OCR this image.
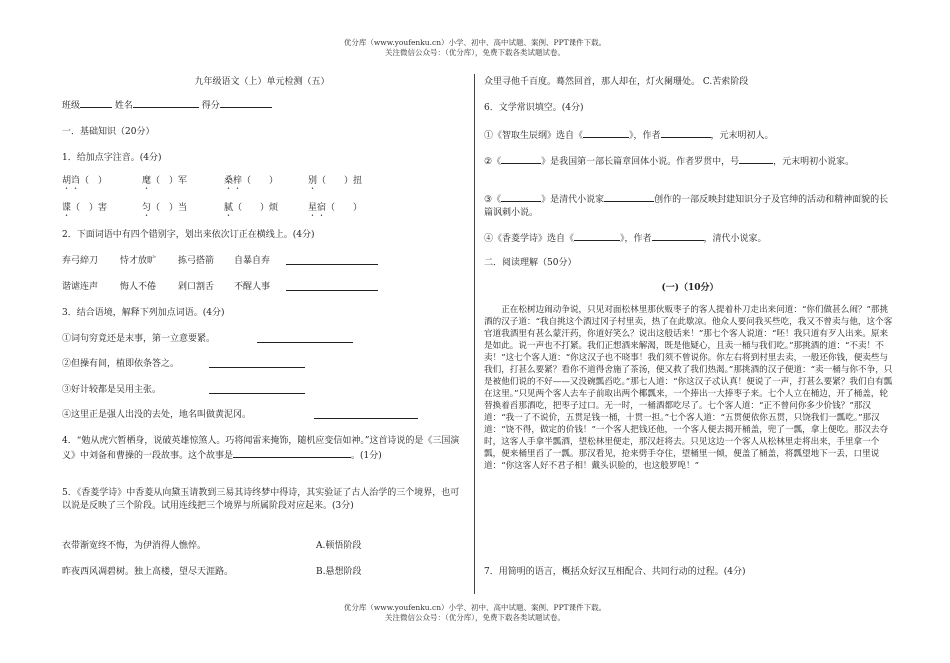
优分库（www.youfenku.cn）小学、初中、高中试题、案例、PPT课件下载。
关注微信公众号：（优分库），免费下载各类试题试卷。
九年级语文（上）单元检测（五）
班级	姓名	得分
一．基础知识（20分）
1．给加点字注音。(4分)
胡诌（　）	麾（　）军	桑梓（　　）	别（　　）扭
谍（　）害	匀（　）当	腻（　　）烦	星宿（　　）
2．下面词语中有四个错别字，划出来依次订正在横线上。(4分)
弃弓綷刀 恃才放旷 拣弓搭箭 自暴自弃
谐谑连声 悔人不倦 剁口割舌 不醒人事
3．结合语境，解释下列加点词语。(4分)
①词句穷竟还是末事，第一立意要紧。
②但操有间，植即依条答之。
③好计较都是吴用主张。
④这里正是强人出没的去处，地名叫做黄泥冈。
4．“勉从虎穴暂栖身，说破英雄惊煞人。巧将闻雷来掩饰，随机应变信如神。”这首诗说的是《三国演义》中刘备和曹操的一段故事。这个故事是	。(1分)
5．《香菱学诗》中香菱从向黛玉请教到三易其诗终梦中得诗，其实验证了古人治学的三个境界，也可以说是反映了三个阶段。试用连线把三个境界与所属阶段对应起来。(3分)
衣带渐宽终不悔，为伊消得人憔悴。	A.顿悟阶段
昨夜西风凋碧树。独上高楼，望尽天涯路。	B.悬想阶段
众里寻他千百度。蓦然回首，那人却在，灯火阑珊处。 C.苦索阶段
6．文学常识填空。(4分)
①《智取生辰纲》选自《	》，作者	，元末明初人。
②《	》是我国第一部长篇章回体小说。作者罗贯中，号	，元末明初小说家。
③《	》是清代小说家	创作的一部反映封建知识分子及官绅的活动和精神面貌的长篇讽刺小说。
④《香菱学诗》选自《	》，作者	，清代小说家。
二．阅读理解（50分）
(一)（10分）
正在松树边闹动争说，只见对面松林里那伙贩枣子的客人提着朴刀走出来问道：“你们做甚么闹？”那挑酒的汉子道：“我自挑这个酒过冈子村里卖，热了在此歇凉。他众人要问我买些吃，我又不曾卖与他，这个客官道我酒里有甚么蒙汗药，你道好笑么？说出这般话来！”那七个客人说道：“呸！我只道有歹人出来。原来是如此。说一声也不打紧。我们正想酒来解渴，既是他疑心，且卖一桶与我们吃。”那挑酒的道：“不卖！不卖！”这七个客人道：“你这汉子也不晓事！我们须不曾说你。你左右将到村里去卖，一般还你钱，便卖些与我们，打甚么要紧？看你不道得舍施了茶汤，便又救了我们热渴。”那挑酒的汉子便道：“卖一桶与你不争，只是被他们说的不好——又没碗瓢舀吃。”那七人道：“你这汉子忒认真！便说了一声，打甚么要紧？我们自有瓢在这里。”只见两个客人去车子前取出两个椰瓢来，一个捧出一大捧枣子来。七个人立在桶边，开了桶盖，轮替换着舀那酒吃，把枣子过口。无一时，一桶酒都吃尽了。七个客人道：“正不曾问你多少价钱？”那汉道：“我一了不说价，五贯足钱一桶，十贯一担。”七个客人道：“五贯便依你五贯，只饶我们一瓢吃。”那汉道：“饶不得，做定的价钱！”一个客人把钱还他，一个客人便去揭开桶盖，兜了一瓢，拿上便吃。那汉去夺时，这客人手拿半瓢酒，望松林里便走，那汉赶将去。只见这边一个客人从松林里走将出来，手里拿一个瓢，便来桶里舀了一瓢。那汉看见，抢来劈手夺住，望桶里一倾，便盖了桶盖，将瓢望地下一丢，口里说道：“你这客人好不君子相！戴头识脸的，也这般罗唣！”
7．用简明的语言，概括众好汉互相配合、共同行动的过程。(4分)
优分库（www.youfenku.cn）小学、初中、高中试题、案例、PPT课件下载。
关注微信公众号：（优分库），免费下载各类试题试卷。
